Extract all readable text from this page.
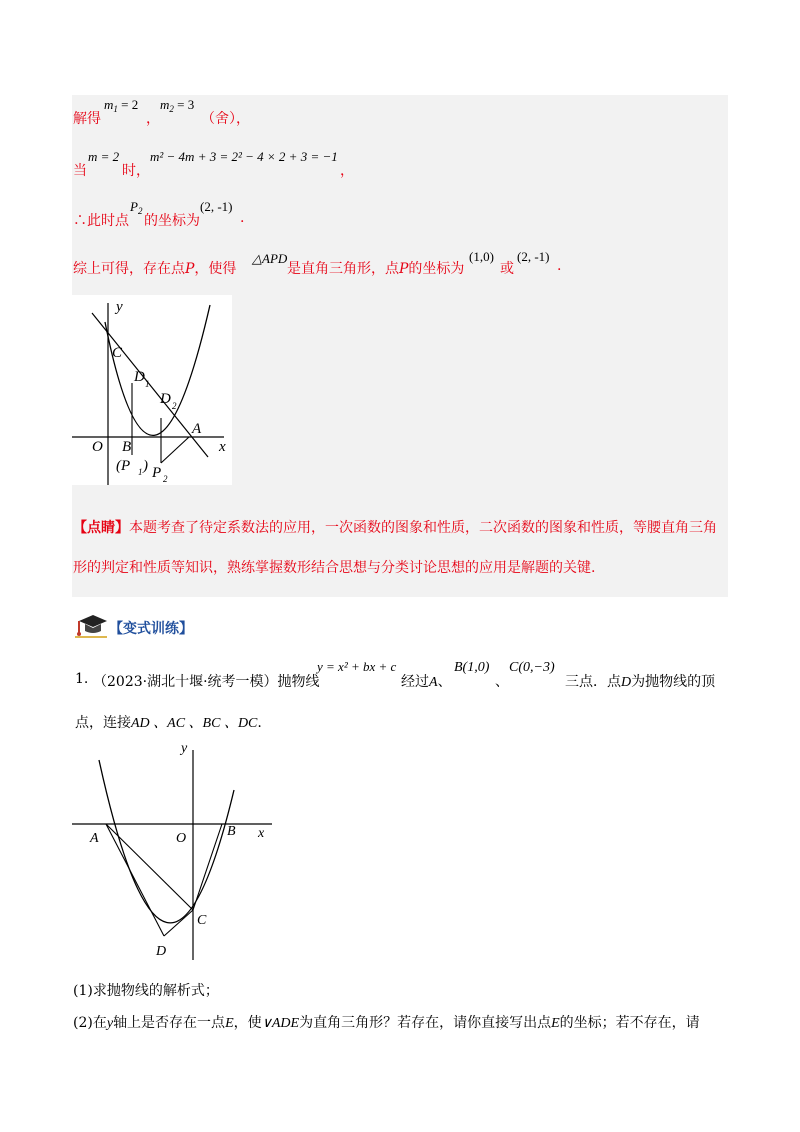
解得
$m_1 = 2$
，
$m_2 = 3$
（舍），
当
m = 2
时，
m² − 4m + 3 = 2² − 4 × 2 + 3 = −1
，
∴此时点
$P_2$
的坐标为
(2, -1)
.
综上可得，存在点P，使得
△APD
是直角三角形，点P的坐标为
(1,0)
或
(2, -1)
.
y
x
C
D 1
D 2
A
O B
(P 1 ) P 2
【点睛】本题考查了待定系数法的应用，一次函数的图象和性质，二次函数的图象和性质，等腰直角三角
形的判定和性质等知识，熟练掌握数形结合思想与分类讨论思想的应用是解题的关键.
【变式训练】
1. （2023·湖北十堰·统考一模）抛物线
y = x² + bx + c
经过A、
B(1,0)
、
C(0,−3)
三点．点D为抛物线的顶
点，连接AD 、AC 、BC 、DC.
y
x
A	O	B
C
D
(1)求抛物线的解析式；
(2)在y轴上是否存在一点E，使∨ADE为直角三角形？若存在，请你直接写出点E的坐标；若不存在，请
